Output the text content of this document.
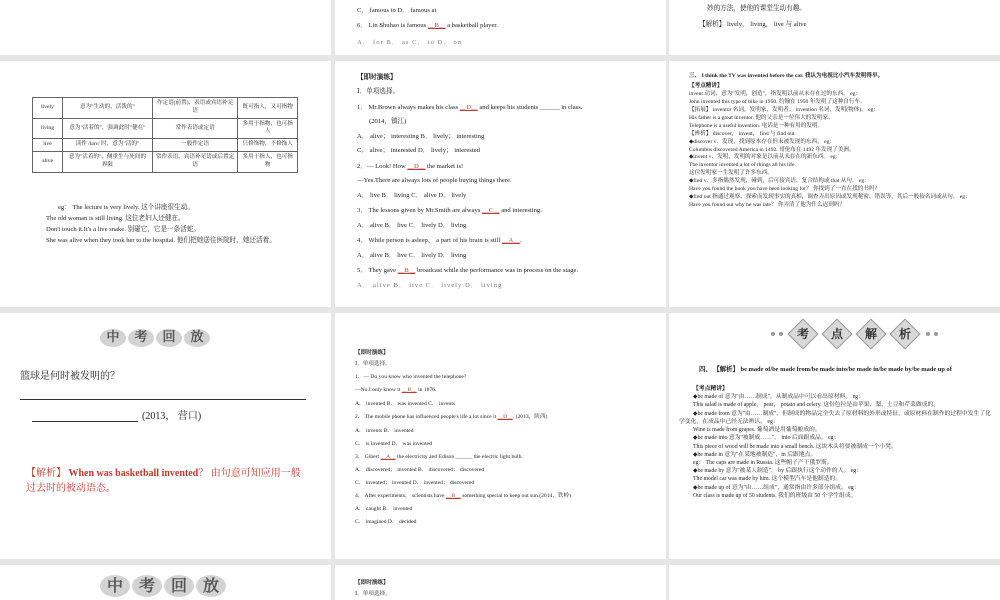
C． famous to D． famous at
6． Lin Shuhao is famous __B__ a basketball player.
A． for B． as C． to D． on
妙的方法，使他的课堂生动有趣。
【解析】 lively， living， live 与 alive
lively	意为"生动的，活泼的"	作定语(前置)、表语或宾语补足语	既可指人，又可指物
living	意为"活着的"，强调此时"健在"	常作表语或定语	多用于指物，也可指人
live	读作 /laɪv/ 时，意为"活的"	一般作定语	只修饰物，不修饰人
alive	意为"活着的"，侧重生与死间的界限	常作表语、宾语补足语或后置定语	多用于指人，也可指物
eg： The lecture is very lively. 这个讲座很生动。
The old woman is still living. 这位老妇人还健在。
Don't touch it.It's a live snake. 别碰它，它是一条活蛇。
She was alive when they took her to the hospital. 他们把她送往医院时，她还活着。
【即时演练】
Ⅰ．单项选择。
1． Mr.Brown always makes his class __D__ and keeps his students ______ in class.
(2014，镇江)
A． alive； interesting B． lively； interesting
C． alive； interested D． lively； interested
2．— Look! How __D__ the market is!
—Yes.There are always lots of people buying things there.
A． live B． living C． alive D． lively
3． The lessons given by Mr.Smith are always __C__ and interesting.
A． alive B． live C． lively D． living
4． While person is asleep， a part of his brain is still __A__.
A． alive B． live C． lively D． living
5． They gave __B__ broadcast while the performance was in process on the stage.
A． alive B． live C． lively D． living
三、 I think the TV was invented before the car. 我认为电视比小汽车发明得早。
【考点精讲】
invent 动词，意为"发明，创造"，指发明以前从未存在过的东西。 eg：
John invented this type of bike in 1950. 约翰在 1950 年发明了这种自行车。
【拓展】 inventor 名词，发明家，发明者； invention 名词，发明(物体)。 eg：
His father is a great inventor. 他的父亲是一位伟大的发明家。
Telephone is a useful invention. 电话是一种有用的发明。
【辨析】 discover， invent， find 与 find out
◆discover v．发现，找到原本存在但未被发现的东西。 eg：
Columbus discovered America in 1492. 哥伦布在 1492 年发现了美洲。
◆invent v．发明，发明的对象是以前从未存在的新东西。 eg：
The inventor invented a lot of things all his life.
这位发明家一生发明了许多东西。
◆find v．多指偶然发现，碰到，后可接宾语，复合结构或 that 从句。 eg：
Have you found the book you have been looking for？ 你找到了一直在找的书吗？
◆find out 指通过观察、探索而发现事实的真相，调查弄出原因或发现秘密、错误等，其后一般接名词或从句。 eg：
Have you found out why he was late？ 你弄清了他为什么迟到吗？
中 考 回 放
篮球是何时被发明的？
(2013， 营口)
【解析】 When was basketball invented？ 由句意可知应用一般过去时的被动语态。
【即时演练】
Ⅰ．单项选择。
1．— Do you know who invented the telephone?
—No.I only know it __B__ in 1876.
A． invented B． was invented C． invents
2． The mobile phone has influenced people's life a lot since it __D__. (2013，陕西)
A． invents B． invented
C． is invented D． was invented
3． Gibert __A__ the electricity and Edison ______ the electric light bulb.
A． discovered； invented B． discovered； discovered
C． invented； invented D． invented； discovered
4． After experiments， scientists have __B__ something special to keep out sun.(2014，铁岭)
A． caught B． invented
C． imagined D． decided

考	点	解	析

四、 【解析】 be made of/be made from/be made into/be made in/be made by/be made up of
【考点精讲】
◆be made of 意为"由……制成"，从制成品中可以看出原材料。 eg：
This salad is made of apple， pear， potato and celery. 这份色拉是由苹果、梨、土豆和芹菜做成的。
◆be made from 意为"由……制成"，但制成的物品完全失去了原材料的外形或特征，或原材料在制作的过程中发生了化学变化，在成品中已经无法辨认。 eg：
Wine is made from grapes. 葡萄酒是用葡萄酿成的。
◆be made into 意为"被制成……"， into 后面跟成品。 eg：
This piece of wood will be made into a small bench. 这块木头将要被制成一个小凳。
◆be made in 意为"在某地被制造"，in 后跟地点。
eg： The caps are made in Russia. 这些帽子产于俄罗斯。
◆be made by 意为"被某人制造"， by 后跟执行这个动作的人。 eg：
The model car was made by him. 这个模型汽车是他制造的。
◆be made up of 意为"由……组成"，通常指由许多部分组成。 eg：
Our class is made up of 50 students. 我们的班级由 50 个学生组成。
中 考 回 放	【即时演练】
Ⅰ．单项选择。
